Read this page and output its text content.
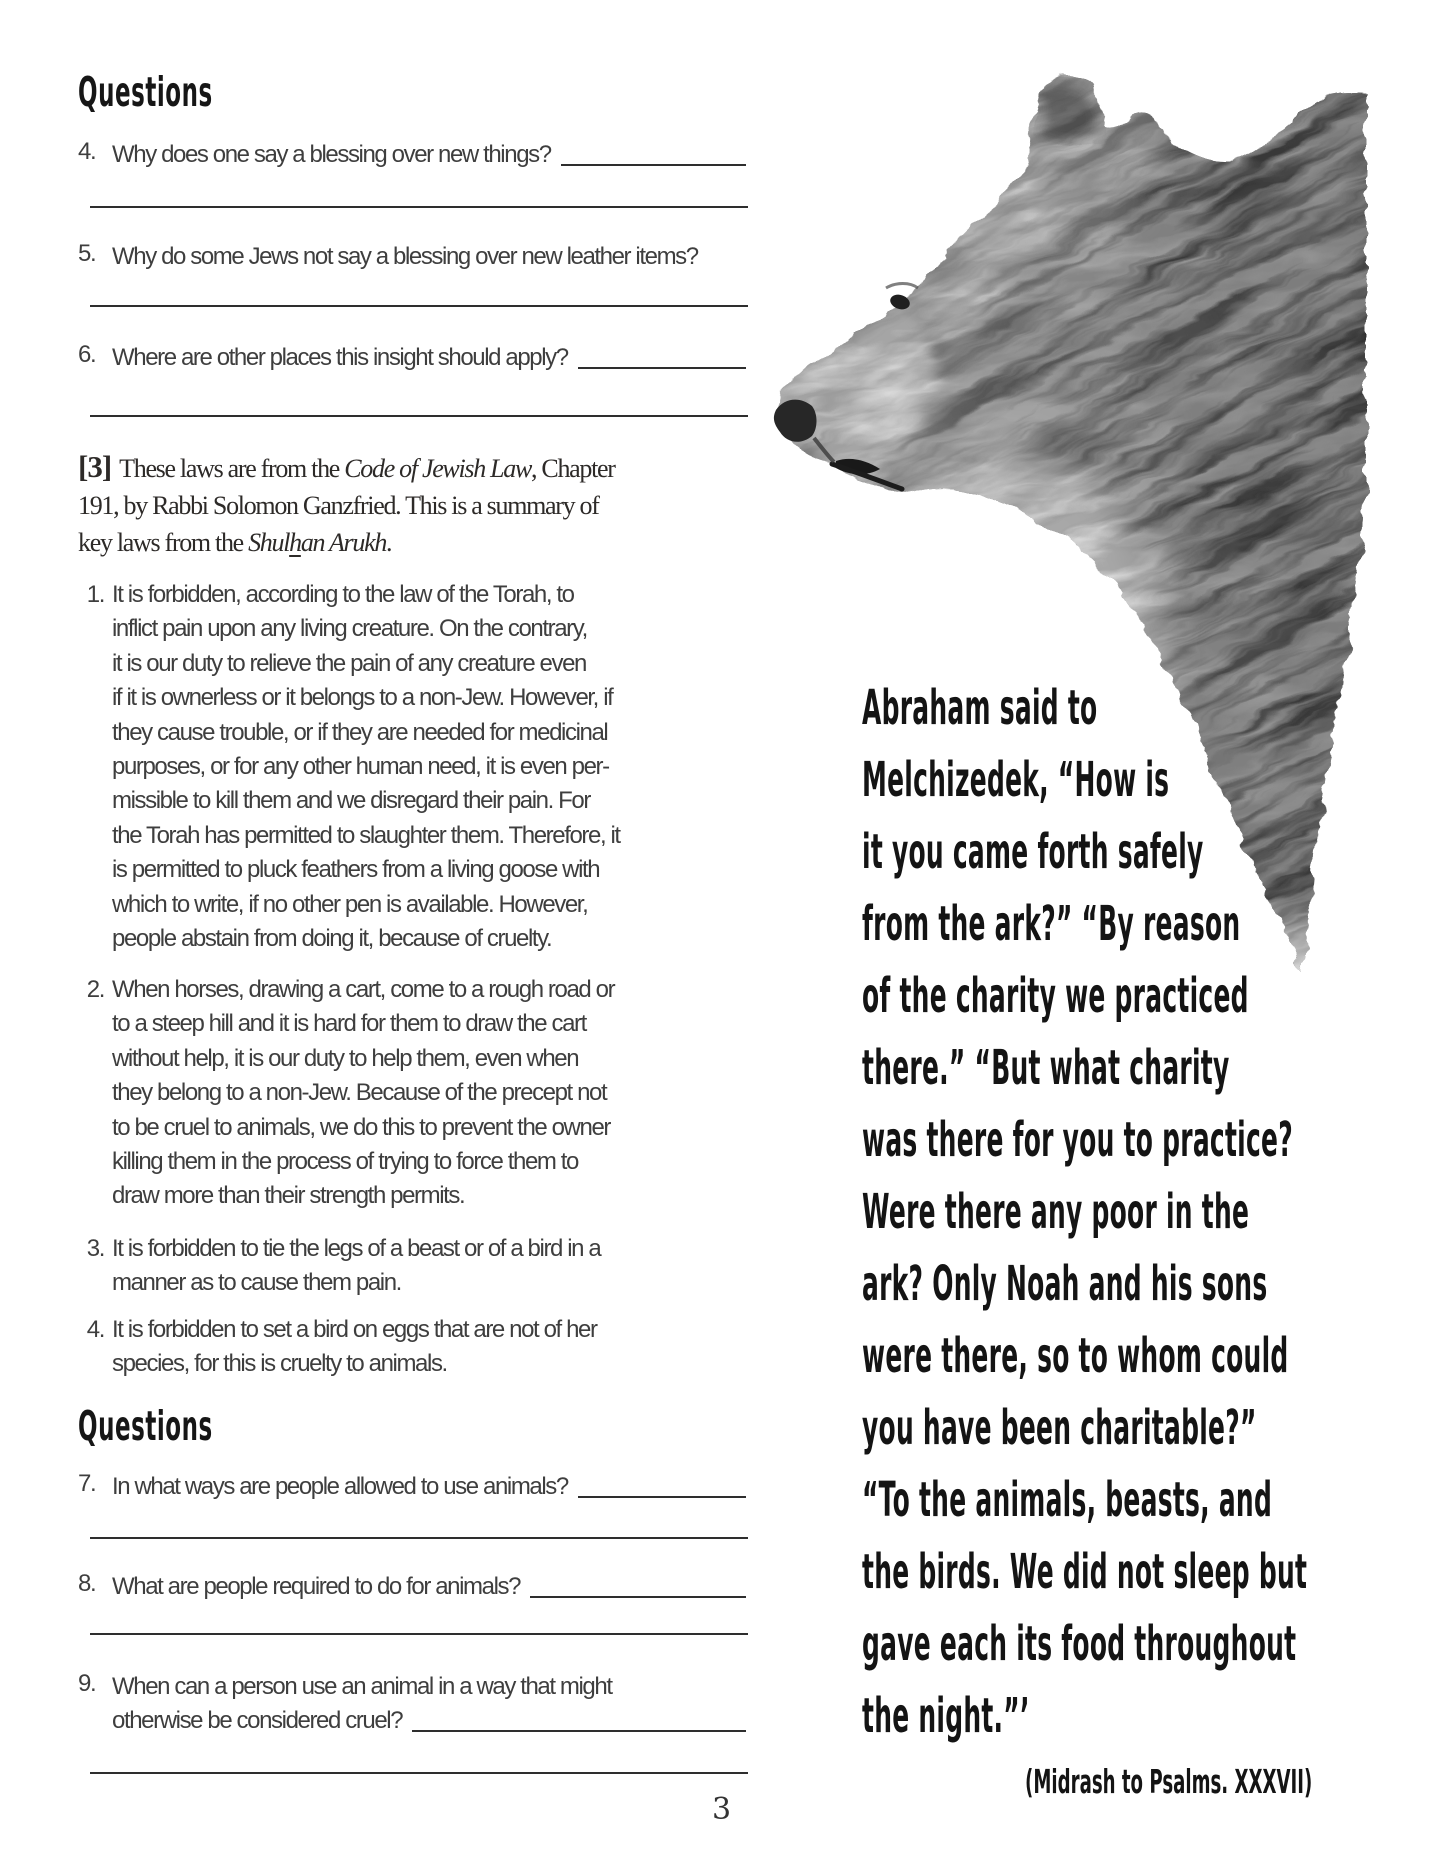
Questions
4. Why does one say a blessing over new things?
5. Why do some Jews not say a blessing over new leather items?
6. Where are other places this insight should apply?
[3] These laws are from the Code of Jewish Law, Chapter
191, by Rabbi Solomon Ganzfried. This is a summary of
key laws from the Shulhan Arukh.
1. It is forbidden, according to the law of the Torah, to
inflict pain upon any living creature. On the contrary,
it is our duty to relieve the pain of any creature even
if it is ownerless or it belongs to a non-Jew. However, if
they cause trouble, or if they are needed for medicinal
purposes, or for any other human need, it is even per-
missible to kill them and we disregard their pain. For
the Torah has permitted to slaughter them. Therefore, it
is permitted to pluck feathers from a living goose with
which to write, if no other pen is available. However,
people abstain from doing it, because of cruelty.
2. When horses, drawing a cart, come to a rough road or
to a steep hill and it is hard for them to draw the cart
without help, it is our duty to help them, even when
they belong to a non-Jew. Because of the precept not
to be cruel to animals, we do this to prevent the owner
killing them in the process of trying to force them to
draw more than their strength permits.
3. It is forbidden to tie the legs of a beast or of a bird in a
manner as to cause them pain.
4. It is forbidden to set a bird on eggs that are not of her
species, for this is cruelty to animals.
Questions
7. In what ways are people allowed to use animals?
8. What are people required to do for animals?
9. When can a person use an animal in a way that might
otherwise be considered cruel?
Abraham said to
Melchizedek, “How is
it you came forth safely
from the ark?” “By reason
of the charity we practiced
there.” “But what charity
was there for you to practice?
Were there any poor in the
ark? Only Noah and his sons
were there, so to whom could
you have been charitable?”
“To the animals, beasts, and
the birds. We did not sleep but
gave each its food throughout
the night.”’
(Midrash to Psalms. XXXVII)
3
